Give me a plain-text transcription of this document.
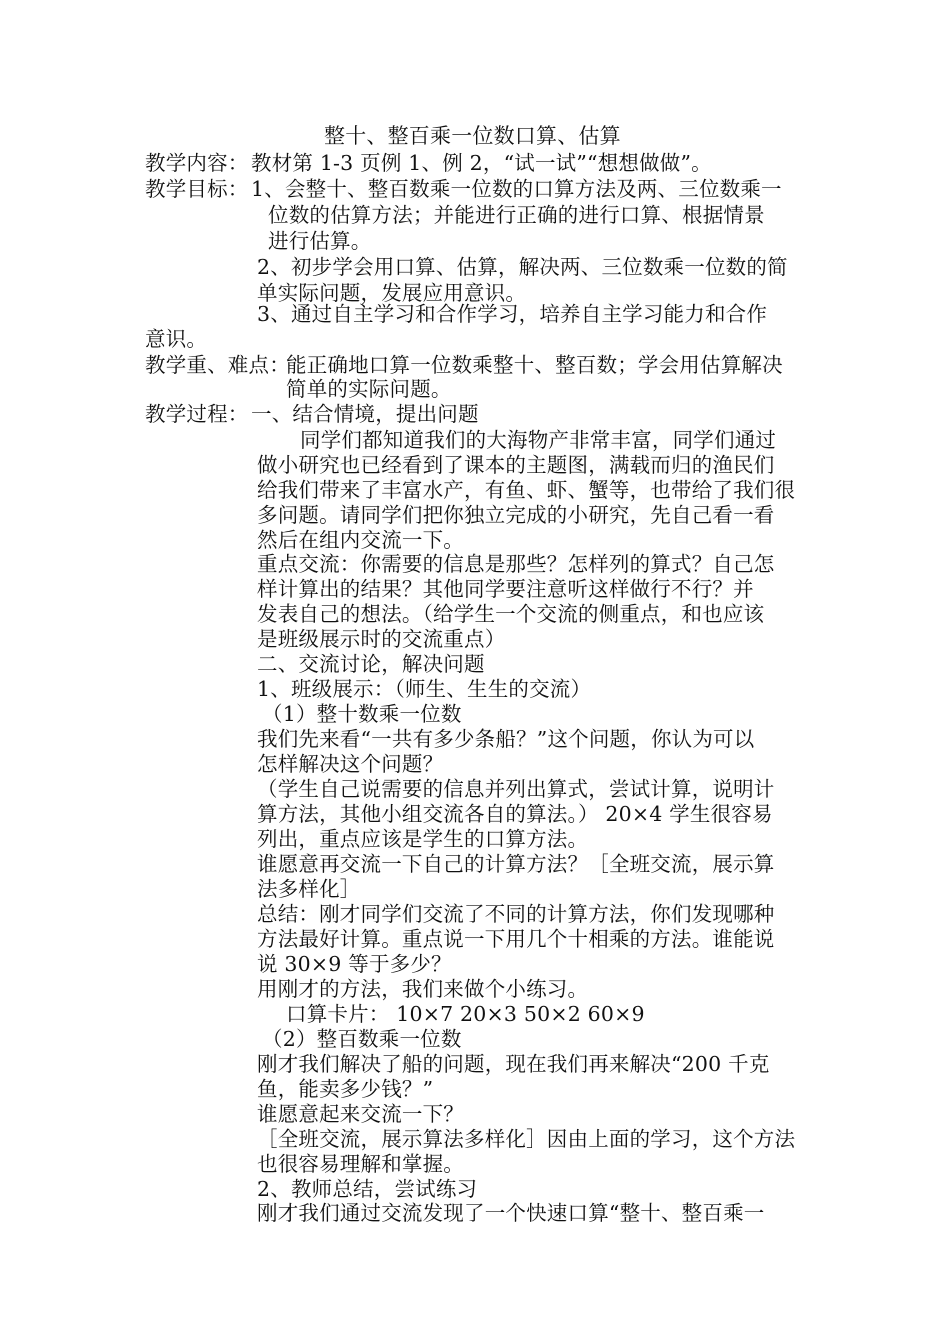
整十、整百乘一位数口算、估算
教学内容： 教材第 1-3 页例 1、例 2，“试一试”“想想做做”。
教学目标： 1、会整十、整百数乘一位数的口算方法及两、三位数乘一
位数的估算方法；并能进行正确的进行口算、根据情景
进行估算。
2、初步学会用口算、估算，解决两、三位数乘一位数的简
单实际问题，发展应用意识。
3、通过自主学习和合作学习，培养自主学习能力和合作
意识。
教学重、难点：
能正确地口算一位数乘整十、整百数；学会用估算解决
简单的实际问题。
教学过程： 一、结合情境，提出问题
同学们都知道我们的大海物产非常丰富，同学们通过
做小研究也已经看到了课本的主题图，满载而归的渔民们
给我们带来了丰富水产，有鱼、虾、蟹等，也带给了我们很
多问题。请同学们把你独立完成的小研究，先自己看一看
然后在组内交流一下。
重点交流：你需要的信息是那些？怎样列的算式？自己怎
样计算出的结果？其他同学要注意听这样做行不行？并
发表自己的想法。（给学生一个交流的侧重点，和也应该
是班级展示时的交流重点）
二、交流讨论，解决问题
1、班级展示：（师生、生生的交流）
（1）整十数乘一位数
我们先来看“一共有多少条船？”这个问题，你认为可以
怎样解决这个问题？
（学生自己说需要的信息并列出算式，尝试计算，说明计
算方法，其他小组交流各自的算法。） 20×4 学生很容易
列出，重点应该是学生的口算方法。
谁愿意再交流一下自己的计算方法？［全班交流，展示算
法多样化］
总结：刚才同学们交流了不同的计算方法，你们发现哪种
方法最好计算。重点说一下用几个十相乘的方法。谁能说
说 30×9 等于多少？
用刚才的方法，我们来做个小练习。
口算卡片： 10×7 20×3 50×2 60×9
（2）整百数乘一位数
刚才我们解决了船的问题，现在我们再来解决“200 千克
鱼，能卖多少钱？”
谁愿意起来交流一下？
［全班交流，展示算法多样化］因由上面的学习，这个方法
也很容易理解和掌握。
2、教师总结，尝试练习
刚才我们通过交流发现了一个快速口算“整十、整百乘一
